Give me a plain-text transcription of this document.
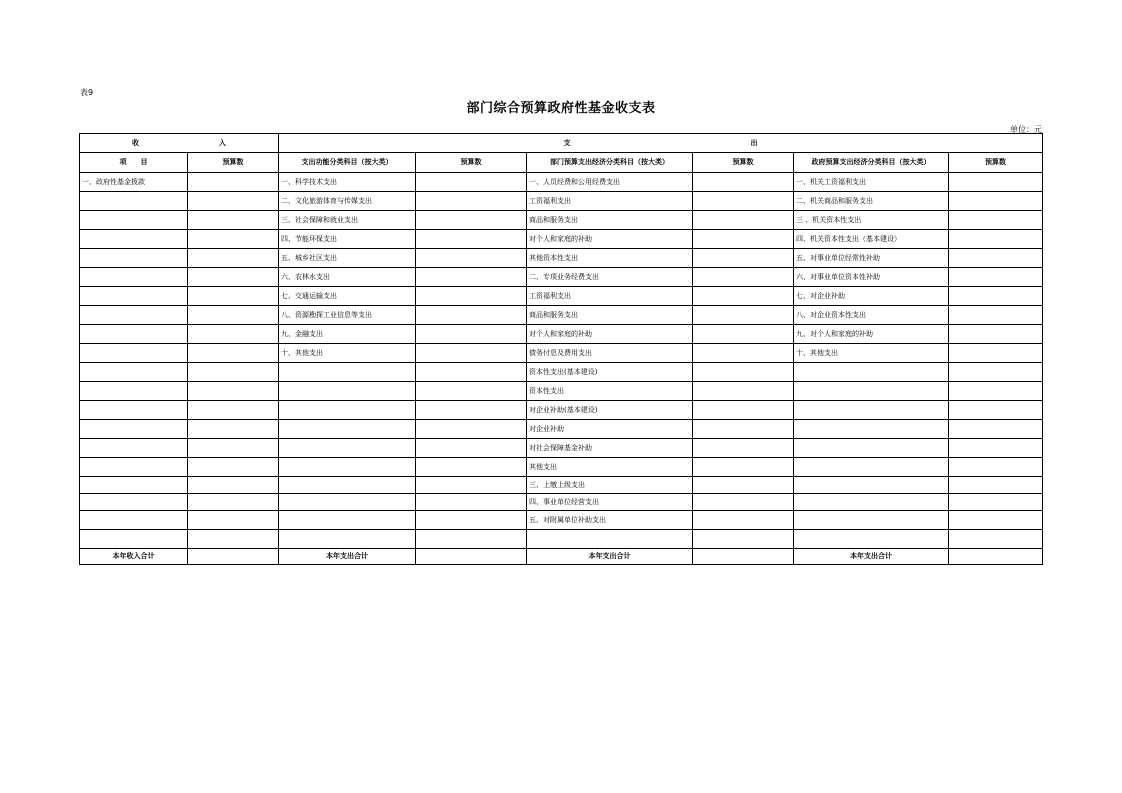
表9
部门综合预算政府性基金收支表
单位：元
收 入		支 出					
项 目	预算数	支出功能分类科目（按大类）	预算数	部门预算支出经济分类科目（按大类）	预算数	政府预算支出经济分类科目（按大类）	预算数
一、政府性基金拨款		一、科学技术支出		一、人员经费和公用经费支出		一、机关工资福利支出	
		二、文化旅游体育与传媒支出		工资福利支出		二、机关商品和服务支出	
		三、社会保障和就业支出		商品和服务支出		三 、机关资本性支出	
		四、节能环保支出		对个人和家庭的补助		四、机关资本性支出（基本建设）	
		五、城乡社区支出		其他资本性支出		五、对事业单位经常性补助	
		六、农林水支出		二、专项业务经费支出		六、对事业单位资本性补助	
		七、交通运输支出		工资福利支出		七、对企业补助	
		八、资源勘探工业信息等支出		商品和服务支出		八、对企业资本性支出	
		九、金融支出		对个人和家庭的补助		九、对个人和家庭的补助	
		十、其他支出		债务付息及费用支出		十、其他支出	
				资本性支出(基本建设)			
				资本性支出			
				对企业补助(基本建设)			
				对企业补助			
				对社会保障基金补助			
				其他支出			
				三、上缴上级支出			
				四、事业单位经营支出			
				五、对附属单位补助支出			

本年收入合计		本年支出合计		本年支出合计		本年支出合计	
